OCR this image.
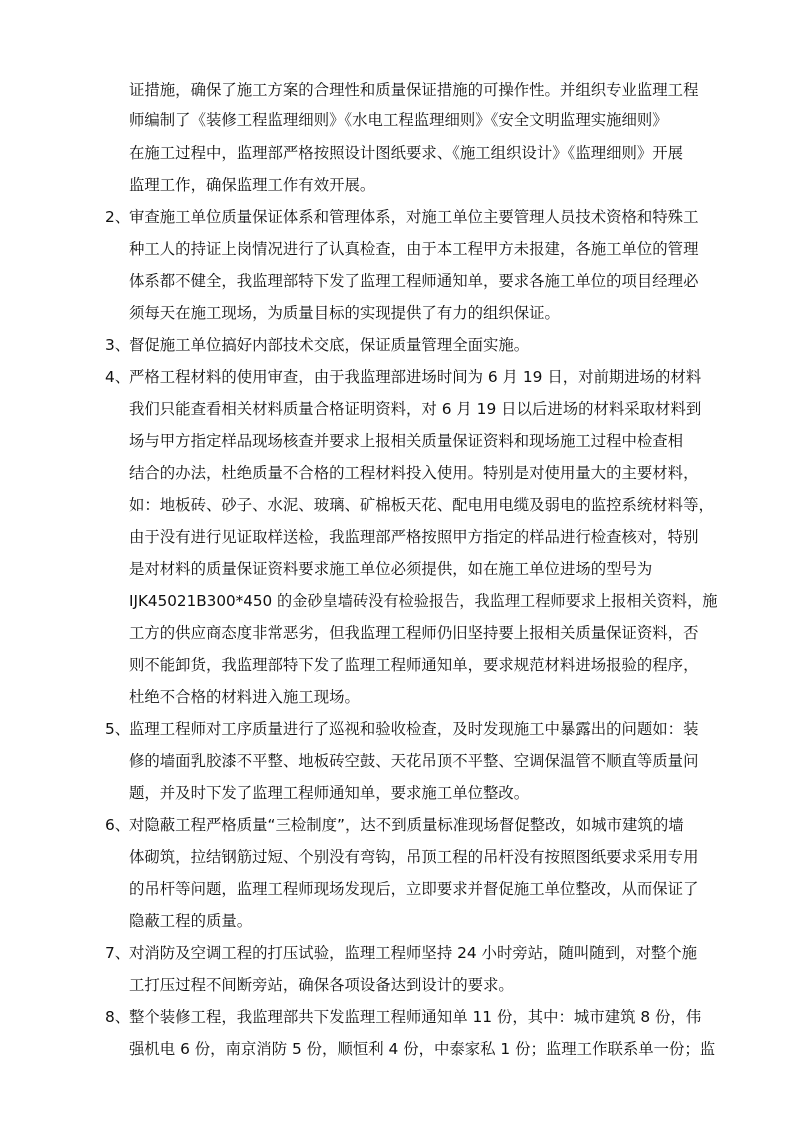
证措施，确保了施工方案的合理性和质量保证措施的可操作性。并组织专业监理工程
师编制了《装修工程监理细则》《水电工程监理细则》《安全文明监理实施细则》
在施工过程中，监理部严格按照设计图纸要求、《施工组织设计》《监理细则》开展
监理工作，确保监理工作有效开展。
2、
审查施工单位质量保证体系和管理体系，对施工单位主要管理人员技术资格和特殊工
种工人的持证上岗情况进行了认真检查，由于本工程甲方未报建，各施工单位的管理
体系都不健全，我监理部特下发了监理工程师通知单，要求各施工单位的项目经理必
须每天在施工现场，为质量目标的实现提供了有力的组织保证。
3、
督促施工单位搞好内部技术交底，保证质量管理全面实施。
4、
严格工程材料的使用审查，由于我监理部进场时间为 6 月 19 日，对前期进场的材料
我们只能查看相关材料质量合格证明资料，对 6 月 19 日以后进场的材料采取材料到
场与甲方指定样品现场核查并要求上报相关质量保证资料和现场施工过程中检查相
结合的办法，杜绝质量不合格的工程材料投入使用。特别是对使用量大的主要材料，
如：地板砖、砂子、水泥、玻璃、矿棉板天花、配电用电缆及弱电的监控系统材料等，
由于没有进行见证取样送检，我监理部严格按照甲方指定的样品进行检查核对，特别
是对材料的质量保证资料要求施工单位必须提供，如在施工单位进场的型号为
IJK45021B300*450 的金砂皇墙砖没有检验报告，我监理工程师要求上报相关资料，施
工方的供应商态度非常恶劣，但我监理工程师仍旧坚持要上报相关质量保证资料，否
则不能卸货，我监理部特下发了监理工程师通知单，要求规范材料进场报验的程序，
杜绝不合格的材料进入施工现场。
5、
监理工程师对工序质量进行了巡视和验收检查，及时发现施工中暴露出的问题如：装
修的墙面乳胶漆不平整、地板砖空鼓、天花吊顶不平整、空调保温管不顺直等质量问
题，并及时下发了监理工程师通知单，要求施工单位整改。
6、
对隐蔽工程严格质量“三检制度”，达不到质量标准现场督促整改，如城市建筑的墙
体砌筑，拉结钢筋过短、个别没有弯钩，吊顶工程的吊杆没有按照图纸要求采用专用
的吊杆等问题，监理工程师现场发现后，立即要求并督促施工单位整改，从而保证了
隐蔽工程的质量。
7、
对消防及空调工程的打压试验，监理工程师坚持 24 小时旁站，随叫随到，对整个施
工打压过程不间断旁站，确保各项设备达到设计的要求。
8、
整个装修工程，我监理部共下发监理工程师通知单 11 份，其中：城市建筑 8 份，伟
强机电 6 份，南京消防 5 份，顺恒利 4 份，中泰家私 1 份；监理工作联系单一份；监
